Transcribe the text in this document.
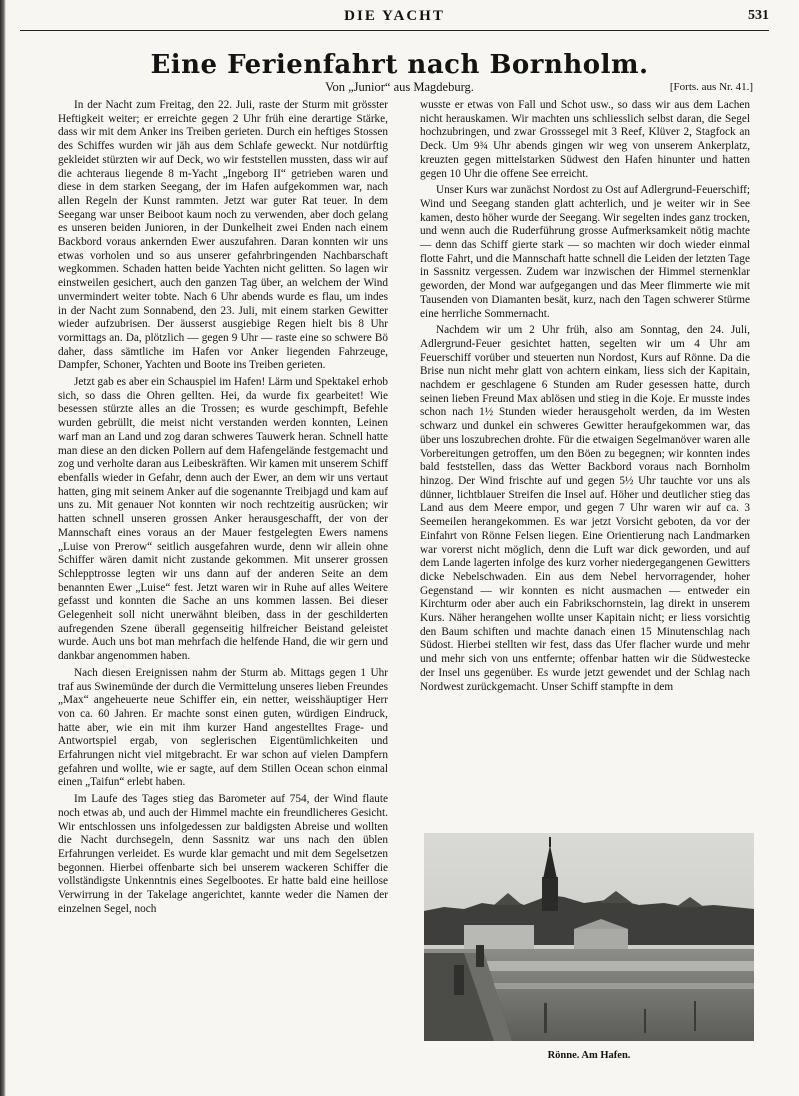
DIE YACHT	531
Eine Ferienfahrt nach Bornholm.
Von „Junior“ aus Magdeburg.	[Forts. aus Nr. 41.]

In der Nacht zum Freitag, den 22. Juli, raste der Sturm mit grösster Heftigkeit weiter; er erreichte gegen 2 Uhr früh eine derartige Stärke, dass wir mit dem Anker ins Treiben gerieten. Durch ein heftiges Stossen des Schiffes wurden wir jäh aus dem Schlafe geweckt. Nur notdürftig gekleidet stürzten wir auf Deck, wo wir feststellen mussten, dass wir auf die achteraus liegende 8 m-Yacht „Ingeborg II“ getrieben waren und diese in dem starken Seegang, der im Hafen aufgekommen war, nach allen Regeln der Kunst rammten. Jetzt war guter Rat teuer. In dem Seegang war unser Beiboot kaum noch zu verwenden, aber doch gelang es unseren beiden Junioren, in der Dunkelheit zwei Enden nach einem Backbord voraus ankernden Ewer auszufahren. Daran konnten wir uns etwas vorholen und so aus unserer gefahrbringenden Nachbarschaft wegkommen. Schaden hatten beide Yachten nicht gelitten. So lagen wir einstweilen gesichert, auch den ganzen Tag über, an welchem der Wind unvermindert weiter tobte. Nach 6 Uhr abends wurde es flau, um indes in der Nacht zum Sonnabend, den 23. Juli, mit einem starken Gewitter wieder aufzubrisen. Der äusserst ausgiebige Regen hielt bis 8 Uhr vormittags an. Da, plötzlich — gegen 9 Uhr — raste eine so schwere Bö daher, dass sämtliche im Hafen vor Anker liegenden Fahrzeuge, Dampfer, Schoner, Yachten und Boote ins Treiben gerieten.

Jetzt gab es aber ein Schauspiel im Hafen! Lärm und Spektakel erhob sich, so dass die Ohren gellten. Hei, da wurde fix gearbeitet! Wie besessen stürzte alles an die Trossen; es wurde geschimpft, Befehle wurden gebrüllt, die meist nicht verstanden werden konnten, Leinen warf man an Land und zog daran schweres Tauwerk heran. Schnell hatte man diese an den dicken Pollern auf dem Hafengelände festgemacht und zog und verholte daran aus Leibeskräften. Wir kamen mit unserem Schiff ebenfalls wieder in Gefahr, denn auch der Ewer, an dem wir uns vertaut hatten, ging mit seinem Anker auf die sogenannte Treibjagd und kam auf uns zu. Mit genauer Not konnten wir noch rechtzeitig ausrücken; wir hatten schnell unseren grossen Anker herausgeschafft, der von der Mannschaft eines voraus an der Mauer festgelegten Ewers namens „Luise von Prerow“ seitlich ausgefahren wurde, denn wir allein ohne Schiffer wären damit nicht zustande gekommen. Mit unserer grossen Schlepptrosse legten wir uns dann auf der anderen Seite an dem benannten Ewer „Luise“ fest. Jetzt waren wir in Ruhe auf alles Weitere gefasst und konnten die Sache an uns kommen lassen. Bei dieser Gelegenheit soll nicht unerwähnt bleiben, dass in der geschilderten aufregenden Szene überall gegenseitig hilfreicher Beistand geleistet wurde. Auch uns bot man mehrfach die helfende Hand, die wir gern und dankbar angenommen haben.

Nach diesen Ereignissen nahm der Sturm ab. Mittags gegen 1 Uhr traf aus Swinemünde der durch die Vermittelung unseres lieben Freundes „Max“ angeheuerte neue Schiffer ein, ein netter, weisshäuptiger Herr von ca. 60 Jahren. Er machte sonst einen guten, würdigen Eindruck, hatte aber, wie ein mit ihm kurzer Hand angestelltes Frage- und Antwortspiel ergab, von seglerischen Eigentümlichkeiten und Erfahrungen nicht viel mitgebracht. Er war schon auf vielen Dampfern gefahren und wollte, wie er sagte, auf dem Stillen Ocean schon einmal einen „Taifun“ erlebt haben.

Im Laufe des Tages stieg das Barometer auf 754, der Wind flaute noch etwas ab, und auch der Himmel machte ein freundlicheres Gesicht. Wir entschlossen uns infolgedessen zur baldigsten Abreise und wollten die Nacht durchsegeln, denn Sassnitz war uns nach den üblen Erfahrungen verleidet. Es wurde klar gemacht und mit dem Segelsetzen begonnen. Hierbei offenbarte sich bei unserem wackeren Schiffer die vollständigste Unkenntnis eines Segelbootes. Er hatte bald eine heillose Verwirrung in der Takelage angerichtet, kannte weder die Namen der einzelnen Segel, noch

wusste er etwas von Fall und Schot usw., so dass wir aus dem Lachen nicht herauskamen. Wir machten uns schliesslich selbst daran, die Segel hochzubringen, und zwar Grosssegel mit 3 Reef, Klüver 2, Stagfock an Deck. Um 9¾ Uhr abends gingen wir weg von unserem Ankerplatz, kreuzten gegen mittelstarken Südwest den Hafen hinunter und hatten gegen 10 Uhr die offene See erreicht.

Unser Kurs war zunächst Nordost zu Ost auf Adlergrund-Feuerschiff; Wind und Seegang standen glatt achterlich, und je weiter wir in See kamen, desto höher wurde der Seegang. Wir segelten indes ganz trocken, und wenn auch die Ruderführung grosse Aufmerksamkeit nötig machte — denn das Schiff gierte stark — so machten wir doch wieder einmal flotte Fahrt, und die Mannschaft hatte schnell die Leiden der letzten Tage in Sassnitz vergessen. Zudem war inzwischen der Himmel sternenklar geworden, der Mond war aufgegangen und das Meer flimmerte wie mit Tausenden von Diamanten besät, kurz, nach den Tagen schwerer Stürme eine herrliche Sommernacht.

Nachdem wir um 2 Uhr früh, also am Sonntag, den 24. Juli, Adlergrund-Feuer gesichtet hatten, segelten wir um 4 Uhr am Feuerschiff vorüber und steuerten nun Nordost, Kurs auf Rönne. Da die Brise nun nicht mehr glatt von achtern einkam, liess sich der Kapitain, nachdem er geschlagene 6 Stunden am Ruder gesessen hatte, durch seinen lieben Freund Max ablösen und stieg in die Koje. Er musste indes schon nach 1½ Stunden wieder herausgeholt werden, da im Westen schwarz und dunkel ein schweres Gewitter heraufgekommen war, das über uns loszubrechen drohte. Für die etwaigen Segelmanöver waren alle Vorbereitungen getroffen, um den Böen zu begegnen; wir konnten indes bald feststellen, dass das Wetter Backbord voraus nach Bornholm hinzog. Der Wind frischte auf und gegen 5½ Uhr tauchte vor uns als dünner, lichtblauer Streifen die Insel auf. Höher und deutlicher stieg das Land aus dem Meere empor, und gegen 7 Uhr waren wir auf ca. 3 Seemeilen herangekommen. Es war jetzt Vorsicht geboten, da vor der Einfahrt von Rönne Felsen liegen. Eine Orientierung nach Landmarken war vorerst nicht möglich, denn die Luft war dick geworden, und auf dem Lande lagerten infolge des kurz vorher niedergegangenen Gewitters dicke Nebelschwaden. Ein aus dem Nebel hervorragender, hoher Gegenstand — wir konnten es nicht ausmachen — entweder ein Kirchturm oder aber auch ein Fabrikschornstein, lag direkt in unserem Kurs. Näher herangehen wollte unser Kapitain nicht; er liess vorsichtig den Baum schiften und machte danach einen 15 Minutenschlag nach Südost. Hierbei stellten wir fest, dass das Ufer flacher wurde und mehr und mehr sich von uns entfernte; offenbar hatten wir die Südwestecke der Insel uns gegenüber. Es wurde jetzt gewendet und der Schlag nach Nordwest zurückgemacht. Unser Schiff stampfte in dem

Rönne. Am Hafen.
